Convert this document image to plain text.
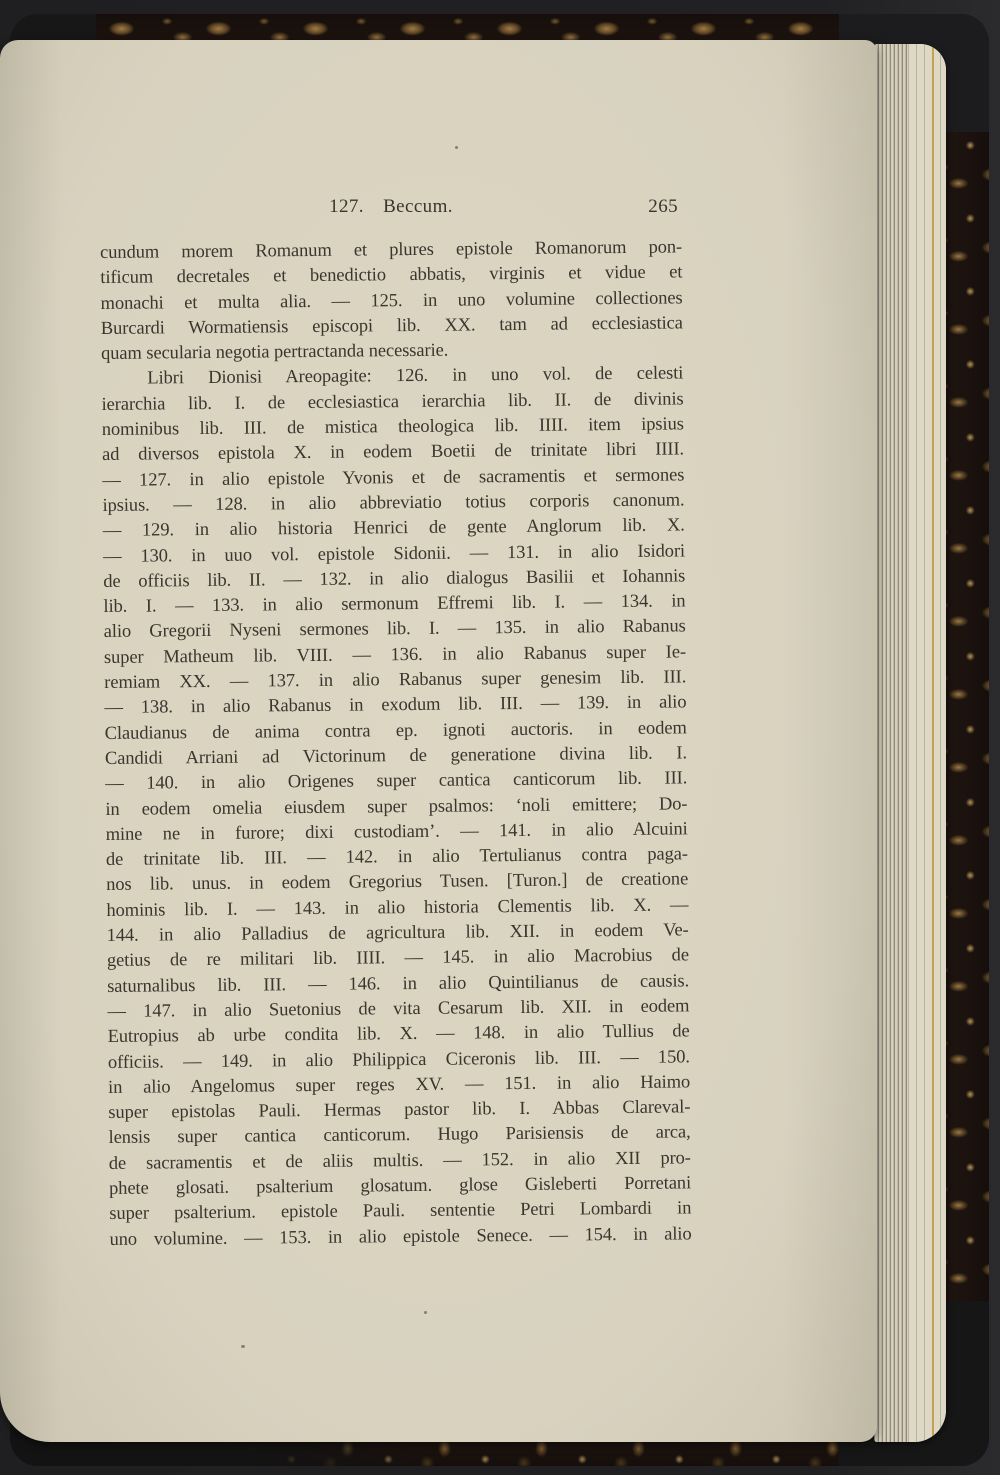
127. Beccum.	265
cundum morem Romanum et plures epistole Romanorum pon-
tificum decretales et benedictio abbatis, virginis et vidue et
monachi et multa alia. — 125. in uno volumine collectiones
Burcardi Wormatiensis episcopi lib. XX. tam ad ecclesiastica
quam secularia negotia pertractanda necessarie.
Libri Dionisi Areopagite: 126. in uno vol. de celesti
ierarchia lib. I. de ecclesiastica ierarchia lib. II. de divinis
nominibus lib. III. de mistica theologica lib. IIII. item ipsius
ad diversos epistola X. in eodem Boetii de trinitate libri IIII.
— 127. in alio epistole Yvonis et de sacramentis et sermones
ipsius. — 128. in alio abbreviatio totius corporis canonum.
— 129. in alio historia Henrici de gente Anglorum lib. X.
— 130. in uuo vol. epistole Sidonii. — 131. in alio Isidori
de officiis lib. II. — 132. in alio dialogus Basilii et Iohannis
lib. I. — 133. in alio sermonum Effremi lib. I. — 134. in
alio Gregorii Nyseni sermones lib. I. — 135. in alio Rabanus
super Matheum lib. VIII. — 136. in alio Rabanus super Ie-
remiam XX. — 137. in alio Rabanus super genesim lib. III.
— 138. in alio Rabanus in exodum lib. III. — 139. in alio
Claudianus de anima contra ep. ignoti auctoris. in eodem
Candidi Arriani ad Victorinum de generatione divina lib. I.
— 140. in alio Origenes super cantica canticorum lib. III.
in eodem omelia eiusdem super psalmos: ‘noli emittere; Do-
mine ne in furore; dixi custodiam’. — 141. in alio Alcuini
de trinitate lib. III. — 142. in alio Tertulianus contra paga-
nos lib. unus. in eodem Gregorius Tusen. [Turon.] de creatione
hominis lib. I. — 143. in alio historia Clementis lib. X. —
144. in alio Palladius de agricultura lib. XII. in eodem Ve-
getius de re militari lib. IIII. — 145. in alio Macrobius de
saturnalibus lib. III. — 146. in alio Quintilianus de causis.
— 147. in alio Suetonius de vita Cesarum lib. XII. in eodem
Eutropius ab urbe condita lib. X. — 148. in alio Tullius de
officiis. — 149. in alio Philippica Ciceronis lib. III. — 150.
in alio Angelomus super reges XV. — 151. in alio Haimo
super epistolas Pauli. Hermas pastor lib. I. Abbas Clareval-
lensis super cantica canticorum. Hugo Parisiensis de arca,
de sacramentis et de aliis multis. — 152. in alio XII pro-
phete glosati. psalterium glosatum. glose Gisleberti Porretani
super psalterium. epistole Pauli. sententie Petri Lombardi in
uno volumine. — 153. in alio epistole Senece. — 154. in alio
